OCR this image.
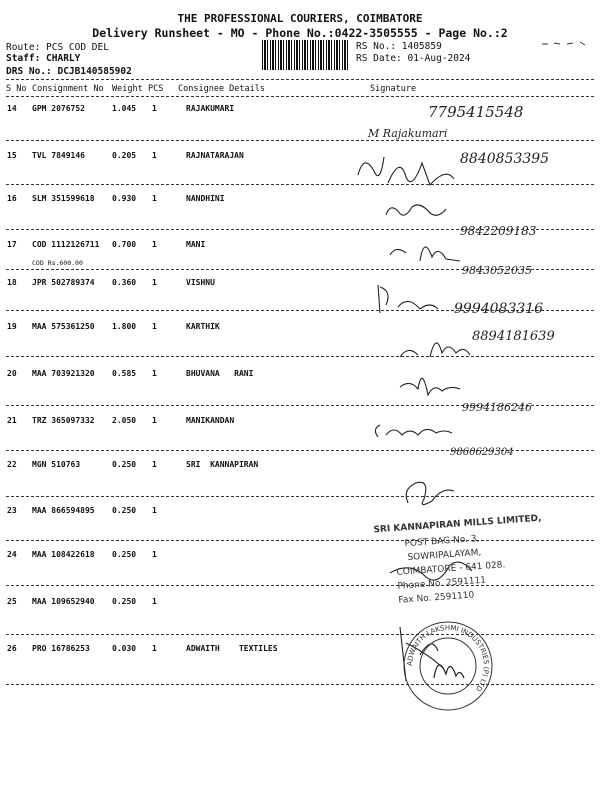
THE PROFESSIONAL COURIERS, COIMBATORE
Delivery Runsheet - MO - Phone No.:0422-3505555 - Page No.:2
Route: PCS COD DEL
Staff: CHARLY
DRS No.: DCJB140585902
RS No.: 1405859
RS Date: 01-Aug-2024
S No Consignment No Weight PCS Consignee Details	Signature
14 GPM 2076752	1.045 1	RAJAKUMARI
15 TVL 7849146	0.205 1	RAJNATARAJAN
16 SLM 351599618 0.930 1	NANDHINI
17 COD 1112126711 0.700 1	MANI
COD Rs.600.00
18 JPR 502789374 0.360 1	VISHNU
19 MAA 575361250 1.800 1	KARTHIK
20 MAA 703921320 0.585 1	BHUVANA   RANI
21 TRZ 365097332 2.050 1	MANIKANDAN
22 MGN 510763	0.250 1	SRI  KANNAPIRAN
23 MAA 866594895 0.250 1
24 MAA 108422618 0.250 1
25 MAA 109652940 0.250 1
26 PRO 16786253	0.030 1	ADWAITH    TEXTILES
7795415548
M Rajakumari
8840853395
9842209183
9843052035
9994083316
8894181639
9994186246
9860629304
SRI KANNAPIRAN MILLS LIMITED,
POST BAG No. 3,
SOWRIPALAYAM,
COIMBATORE - 641 028.
Phone No. 2591111
Fax No. 2591110
ADWAITH LAKSHMI INDUSTRIES (P) LTD
